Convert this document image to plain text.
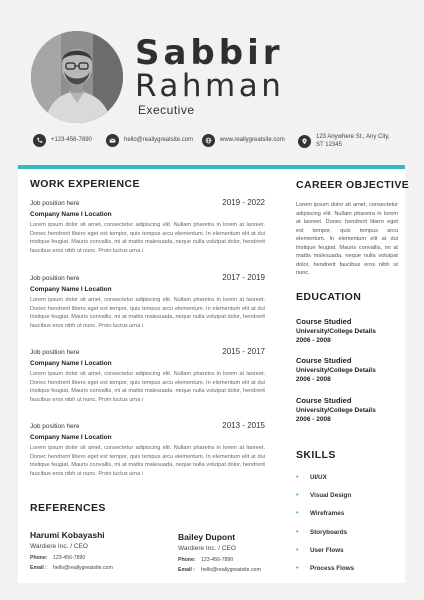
Sabbir
Rahman
Executive
+123-456-7890	hello@reallygreatsite.com	www.reallygreatsite.com	123 Anywhere St., Any City,
ST 12345
WORK EXPERIENCE
Job position here	2019 - 2022
Company Name I Location
Lorem ipsum dolor sit amet, consectetur adipiscing elit. Nullam pharetra in lorem at laoreet. Donec hendrerit libero eget est tempor, quis tempus arcu elementum. In elementum elit at dui tristique feugiat. Mauris convallis, mi at mattis malesuada, neque nulla volutpat dolor, hendrerit faucibus eros nibh ut nunc. Proin luctus urna i
Job position here	2017 - 2019
Company Name I Location
Lorem ipsum dolor sit amet, consectetur adipiscing elit. Nullam pharetra in lorem at laoreet. Donec hendrerit libero eget est tempor, quis tempus arcu elementum. In elementum elit at dui tristique feugiat. Mauris convallis, mi at mattis malesuada, neque nulla volutpat dolor, hendrerit faucibus eros nibh ut nunc. Proin luctus urna i
Job position here	2015 - 2017
Company Name I Location
Lorem ipsum dolor sit amet, consectetur adipiscing elit. Nullam pharetra in lorem at laoreet. Donec hendrerit libero eget est tempor, quis tempus arcu elementum. In elementum elit at dui tristique feugiat. Mauris convallis, mi at mattis malesuada, neque nulla volutpat dolor, hendrerit faucibus eros nibh ut nunc. Proin luctus urna i
Job position here	2013 - 2015
Company Name I Location
Lorem ipsum dolor sit amet, consectetur adipiscing elit. Nullam pharetra in lorem at laoreet. Donec hendrerit libero eget est tempor, quis tempus arcu elementum. In elementum elit at dui tristique feugiat. Mauris convallis, mi at mattis malesuada, neque nulla volutpat dolor, hendrerit faucibus eros nibh ut nunc. Proin luctus urna i
REFERENCES
Harumi Kobayashi
Wardiere Inc. / CEO
Phone:	123-456-7890
Email :	hello@reallygreatsite.com
Bailey Dupont
Wardiere Inc. / CEO
Phone:	123-456-7890
Email :	hello@reallygreatsite.com
CAREER OBJECTIVE
Lorem ipsum dolor sit amet, consectetur adipiscing elit. Nullam pharetra in lorem at laoreet. Donec hendrerit libero eget est tempor, quis tempus arcu elementum. In elementum elit at dui tristique feugiat. Mauris convallis, mi at mattis malesuada, neque nulla volutpat dolor, hendrerit faucibus eros nibh ut nunc.
EDUCATION
Course Studied
University/College Details
2006 - 2008
Course Studied
University/College Details
2006 - 2008
Course Studied
University/College Details
2006 - 2008
SKILLS
•	UI/UX
•	Visual Design
•	Wireframes
•	Storyboards
•	User Flows
•	Process Flows
